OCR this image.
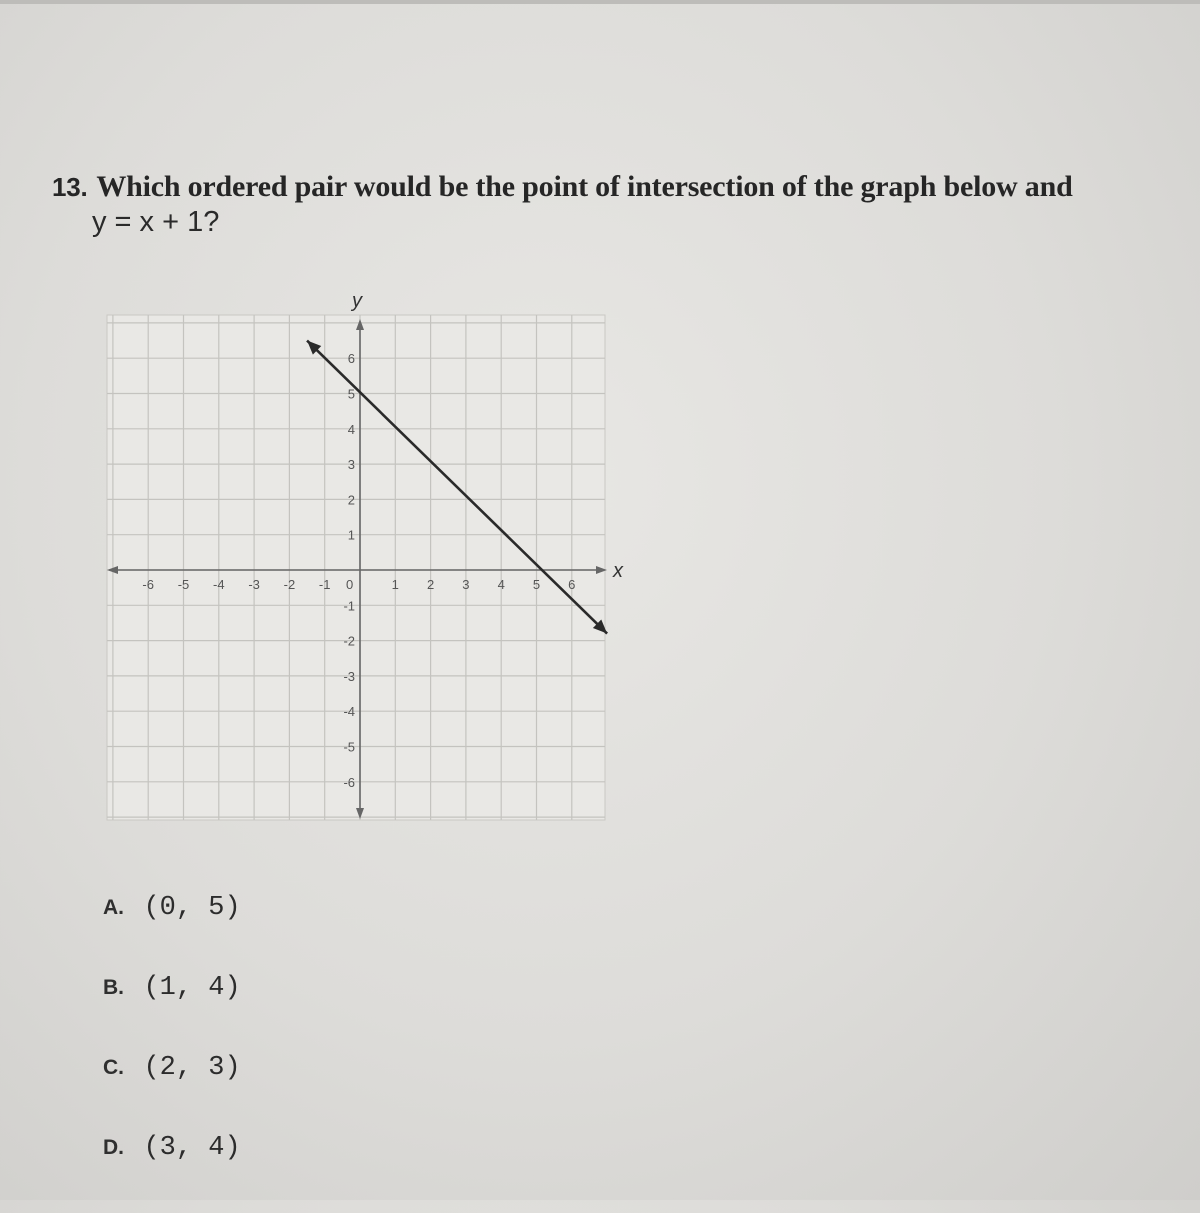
13. Which ordered pair would be the point of intersection of the graph below and
y = x + 1?
-6 -5 -4 -3 -2 -1	1 2 3 4 5 6
6
5
4
3
2
1
-1
-2
-3
-4
-5
-6
y
x
0
A. (0, 5)
B. (1, 4)
C. (2, 3)
D. (3, 4)
